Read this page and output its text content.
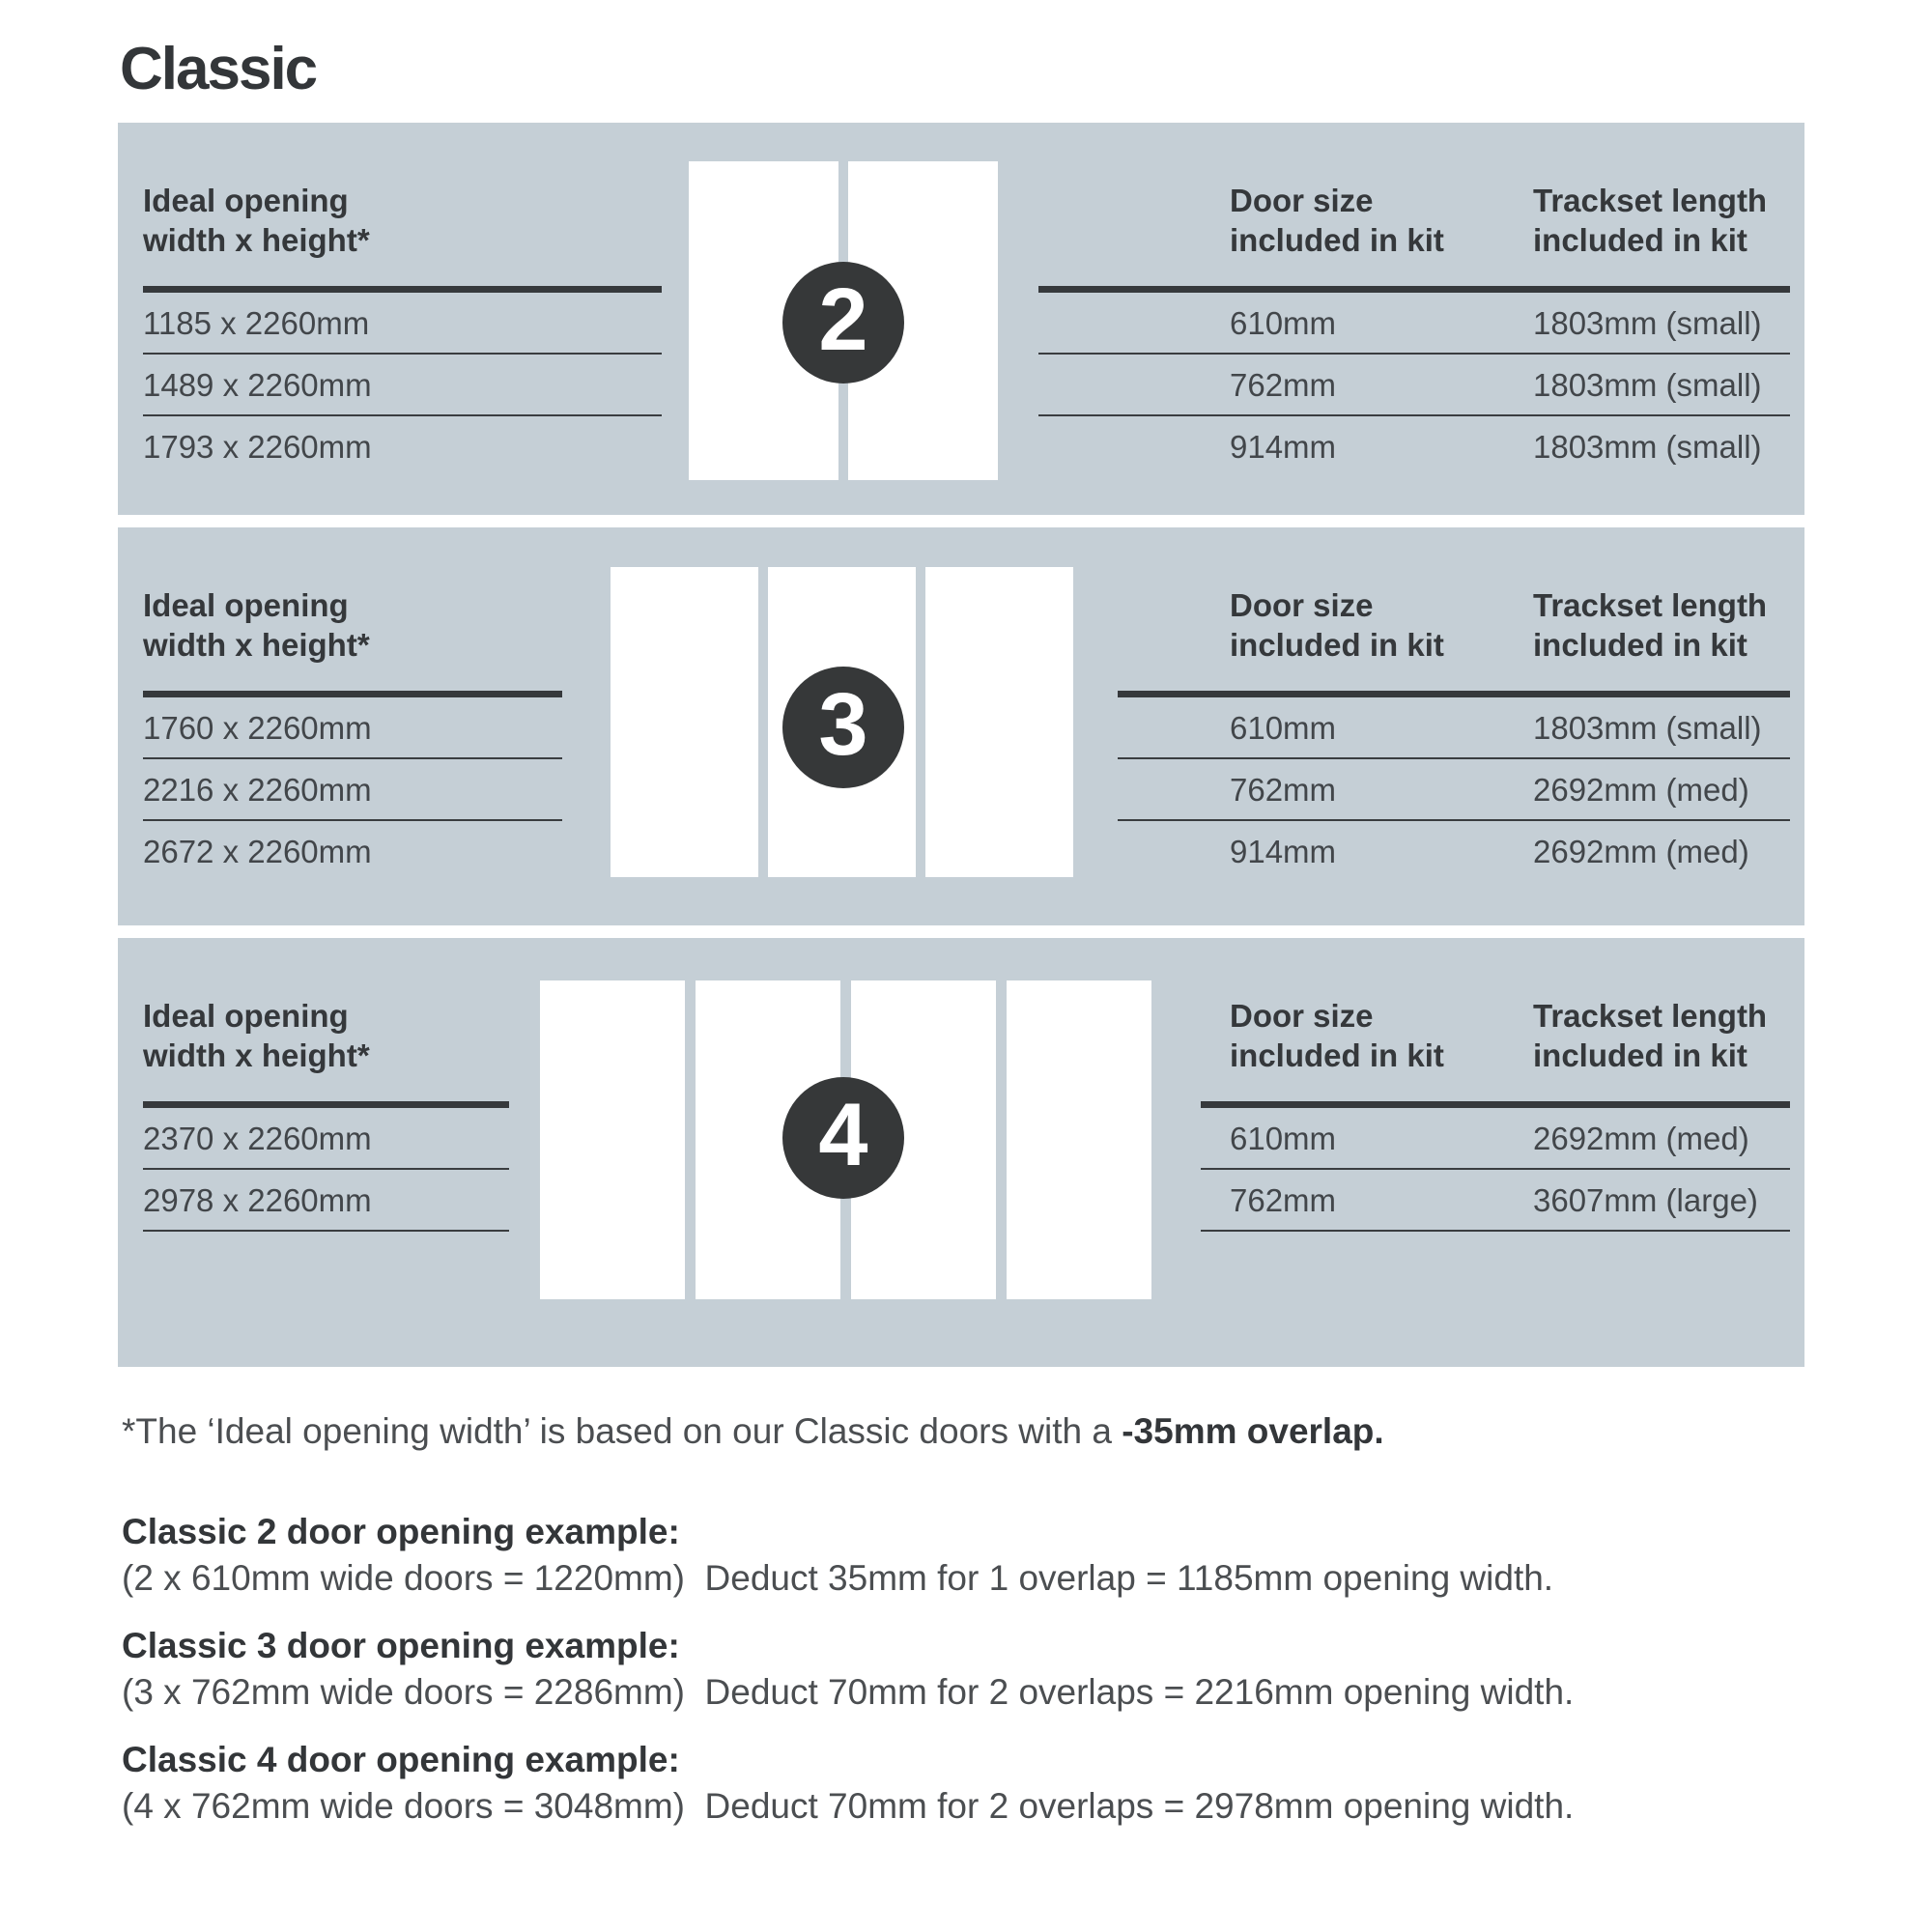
Classic
Ideal opening
width x height*
1185 x 2260mm
1489 x 2260mm
1793 x 2260mm
2
Door size
included in kit
Trackset length
included in kit
610mm	1803mm (small)
762mm	1803mm (small)
914mm	1803mm (small)
Ideal opening
width x height*
1760 x 2260mm
2216 x 2260mm
2672 x 2260mm
3
Door size
included in kit
Trackset length
included in kit
610mm	1803mm (small)
762mm	2692mm (med)
914mm	2692mm (med)
Ideal opening
width x height*
2370 x 2260mm
2978 x 2260mm
4
Door size
included in kit
Trackset length
included in kit
610mm	2692mm (med)
762mm	3607mm (large)

*The ‘Ideal opening width’ is based on our Classic doors with a -35mm overlap.

Classic 2 door opening example:

(2 x 610mm wide doors = 1220mm)  Deduct 35mm for 1 overlap = 1185mm opening width.

Classic 3 door opening example:

(3 x 762mm wide doors = 2286mm)  Deduct 70mm for 2 overlaps = 2216mm opening width.

Classic 4 door opening example:

(4 x 762mm wide doors = 3048mm)  Deduct 70mm for 2 overlaps = 2978mm opening width.
